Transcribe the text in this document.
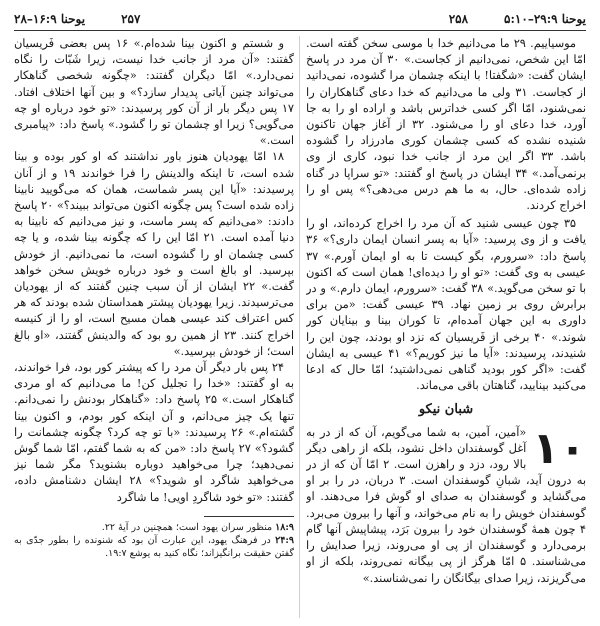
یوحنا ۲۹:۹–۵:۱۰
۲۵۸
۲۵۷
یوحنا ۱۶:۹–۲۸

موسیاییم. ۲۹ ما می‌دانیم خدا با موسی سخن گفته است. امّا این شخص، نمی‌دانیم از کجاست.» ۳۰ آن مرد در پاسخ ایشان گفت: «شگفتا! با اینکه چشمان مرا گشوده، نمی‌دانید از کجاست. ۳۱ ولی ما می‌دانیم که خدا دعای گناهکاران را نمی‌شنود، امّا اگر کسی خداترس باشد و اراده او را به جا آورد، خدا دعای او را می‌شنود. ۳۲ از آغاز جهان تاکنون شنیده نشده که کسی چشمان کوری مادرزاد را گشوده باشد. ۳۳ اگر این مرد از جانب خدا نبود، کاری از وی برنمی‌آمد.» ۳۴ ایشان در پاسخ او گفتند: «تو سراپا در گناه زاده شده‌ای. حال، به ما هم درس می‌دهی؟» پس او را اخراج کردند.

۳۵ چون عیسی شنید که آن مرد را اخراج کرده‌اند، او را یافت و از وی پرسید: «آیا به پسر انسان ایمان داری؟» ۳۶ پاسخ داد: «سرورم، بگو کیست تا به او ایمان آورم.» ۳۷ عیسی به وی گفت: «تو او را دیده‌ای! همان است که اکنون با تو سخن می‌گوید.» ۳۸ گفت: «سرورم، ایمان دارم.» و در برابرش روی بر زمین نهاد. ۳۹ عیسی گفت: «من برای داوری به این جهان آمده‌ام، تا کوران بینا و بینایان کور شوند.» ۴۰ برخی از فَریسیان که نزد او بودند، چون این را شنیدند، پرسیدند: «آیا ما نیز کوریم؟» ۴۱ عیسی به ایشان گفت: «اگر کور بودید گناهی نمی‌داشتید؛ امّا حال که ادعا می‌کنید بینایید، گناهتان باقی می‌ماند.

شبان نیکو
۱۰

«آمین، آمین، به شما می‌گویم، آن که از در به آغل گوسفندان داخل نشود، بلکه از راهی دیگر بالا رود، دزد و راهزن است. ۲ امّا آن که از در به درون آید، شبانِ گوسفندان است. ۳ دربان، در را بر او می‌گشاید و گوسفندان به صدای او گوش فرا می‌دهند. او گوسفندان خویش را به نام می‌خواند، و آنها را بیرون می‌برد. ۴ چون همهٔ گوسفندان خود را بیرون بَرَد، پیشاپیش آنها گام برمی‌دارد و گوسفندان از پی او می‌روند، زیرا صدایش را می‌شناسند. ۵ امّا هرگز از پی بیگانه نمی‌روند، بلکه از او می‌گریزند، زیرا صدای بیگانگان را نمی‌شناسند.»

و شستم و اکنون بینا شده‌ام.» ۱۶ پس بعضی فَریسیان گفتند: «آن مرد از جانب خدا نیست، زیرا شَبّات را نگاه نمی‌دارد.» امّا دیگران گفتند: «چگونه شخصی گناهکار می‌تواند چنین آیاتی پدیدار سازد؟» و بین آنها اختلاف افتاد. ۱۷ پس دیگر بار از آن کور پرسیدند: «تو خود درباره او چه می‌گویی؟ زیرا او چشمان تو را گشود.» پاسخ داد: «پیامبری است.»

۱۸ امّا یهودیان هنوز باور نداشتند که او کور بوده و بینا شده است، تا اینکه والدینش را فرا خواندند ۱۹ و از آنان پرسیدند: «آیا این پسر شماست، همان که می‌گویید نابینا زاده شده است؟ پس چگونه اکنون می‌تواند ببیند؟» ۲۰ پاسخ دادند: «می‌دانیم که پسر ماست، و نیز می‌دانیم که نابینا به دنیا آمده است. ۲۱ امّا این را که چگونه بینا شده، و یا چه کسی چشمان او را گشوده است، ما نمی‌دانیم. از خودش بپرسید. او بالغ است و خود درباره خویش سخن خواهد گفت.» ۲۲ ایشان از آن سبب چنین گفتند که از یهودیان می‌ترسیدند. زیرا یهودیان پیشتر همداستان شده بودند که هر کس اعتراف کند عیسی همان مسیح است، او را از کنیسه اخراج کنند. ۲۳ از همین رو بود که والدینش گفتند، «او بالغ است؛ از خودش بپرسید.»

۲۴ پس بار دیگر آن مرد را که پیشتر کور بود، فرا خواندند، به او گفتند: «خدا را تجلیل کن! ما می‌دانیم که او مردی گناهکار است.» ۲۵ پاسخ داد: «گناهکار بودنش را نمی‌دانم. تنها یک چیز می‌دانم، و آن اینکه کور بودم، و اکنون بینا گشته‌ام.» ۲۶ پرسیدند: «با تو چه کرد؟ چگونه چشمانت را گشود؟» ۲۷ پاسخ داد: «من که به شما گفتم، امّا شما گوش نمی‌دهید؛ چرا می‌خواهید دوباره بشنوید؟ مگر شما نیز می‌خواهید شاگرد او شوید؟» ۲۸ ایشان دشنامش داده، گفتند: «تو خود شاگردِ اویی! ما شاگرد

۱۸:۹ منظور سران یهود است؛ همچنین در آیهٔ ۲۲.

۲۴:۹ در فرهنگ یهود، این عبارت آن بود که شنونده را بطور جدّی به گفتن حقیقت برانگیزاند؛ نگاه کنید به یوشع ۱۹:۷.
